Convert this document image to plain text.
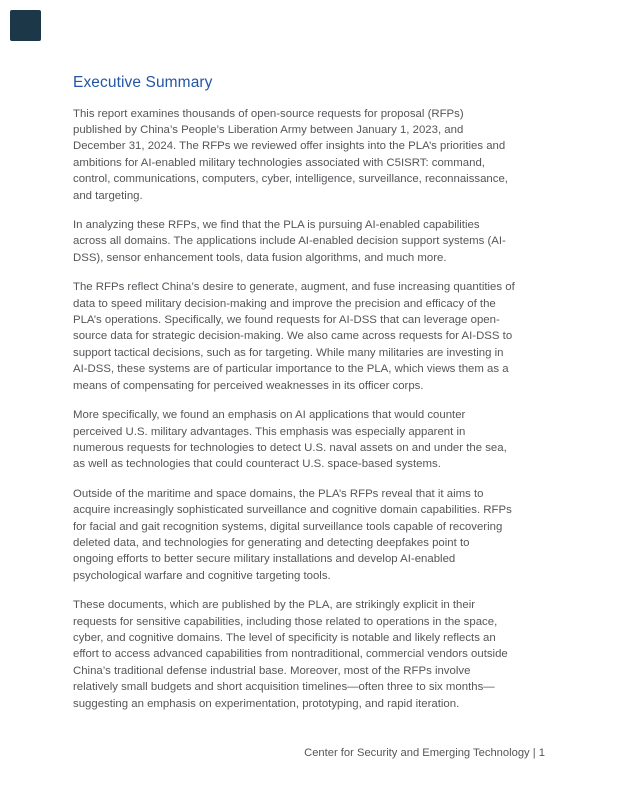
Executive Summary

This report examines thousands of open-source requests for proposal (RFPs)
published by China’s People’s Liberation Army between January 1, 2023, and
December 31, 2024. The RFPs we reviewed offer insights into the PLA’s priorities and
ambitions for AI-enabled military technologies associated with C5ISRT: command,
control, communications, computers, cyber, intelligence, surveillance, reconnaissance,
and targeting.

In analyzing these RFPs, we find that the PLA is pursuing AI-enabled capabilities
across all domains. The applications include AI-enabled decision support systems (AI-
DSS), sensor enhancement tools, data fusion algorithms, and much more.

The RFPs reflect China’s desire to generate, augment, and fuse increasing quantities of
data to speed military decision-making and improve the precision and efficacy of the
PLA’s operations. Specifically, we found requests for AI-DSS that can leverage open-
source data for strategic decision-making. We also came across requests for AI-DSS to
support tactical decisions, such as for targeting. While many militaries are investing in
AI-DSS, these systems are of particular importance to the PLA, which views them as a
means of compensating for perceived weaknesses in its officer corps.

More specifically, we found an emphasis on AI applications that would counter
perceived U.S. military advantages. This emphasis was especially apparent in
numerous requests for technologies to detect U.S. naval assets on and under the sea,
as well as technologies that could counteract U.S. space-based systems.

Outside of the maritime and space domains, the PLA’s RFPs reveal that it aims to
acquire increasingly sophisticated surveillance and cognitive domain capabilities. RFPs
for facial and gait recognition systems, digital surveillance tools capable of recovering
deleted data, and technologies for generating and detecting deepfakes point to
ongoing efforts to better secure military installations and develop AI-enabled
psychological warfare and cognitive targeting tools.

These documents, which are published by the PLA, are strikingly explicit in their
requests for sensitive capabilities, including those related to operations in the space,
cyber, and cognitive domains. The level of specificity is notable and likely reflects an
effort to access advanced capabilities from nontraditional, commercial vendors outside
China’s traditional defense industrial base. Moreover, most of the RFPs involve
relatively small budgets and short acquisition timelines—often three to six months—
suggesting an emphasis on experimentation, prototyping, and rapid iteration.

Center for Security and Emerging Technology | 1
